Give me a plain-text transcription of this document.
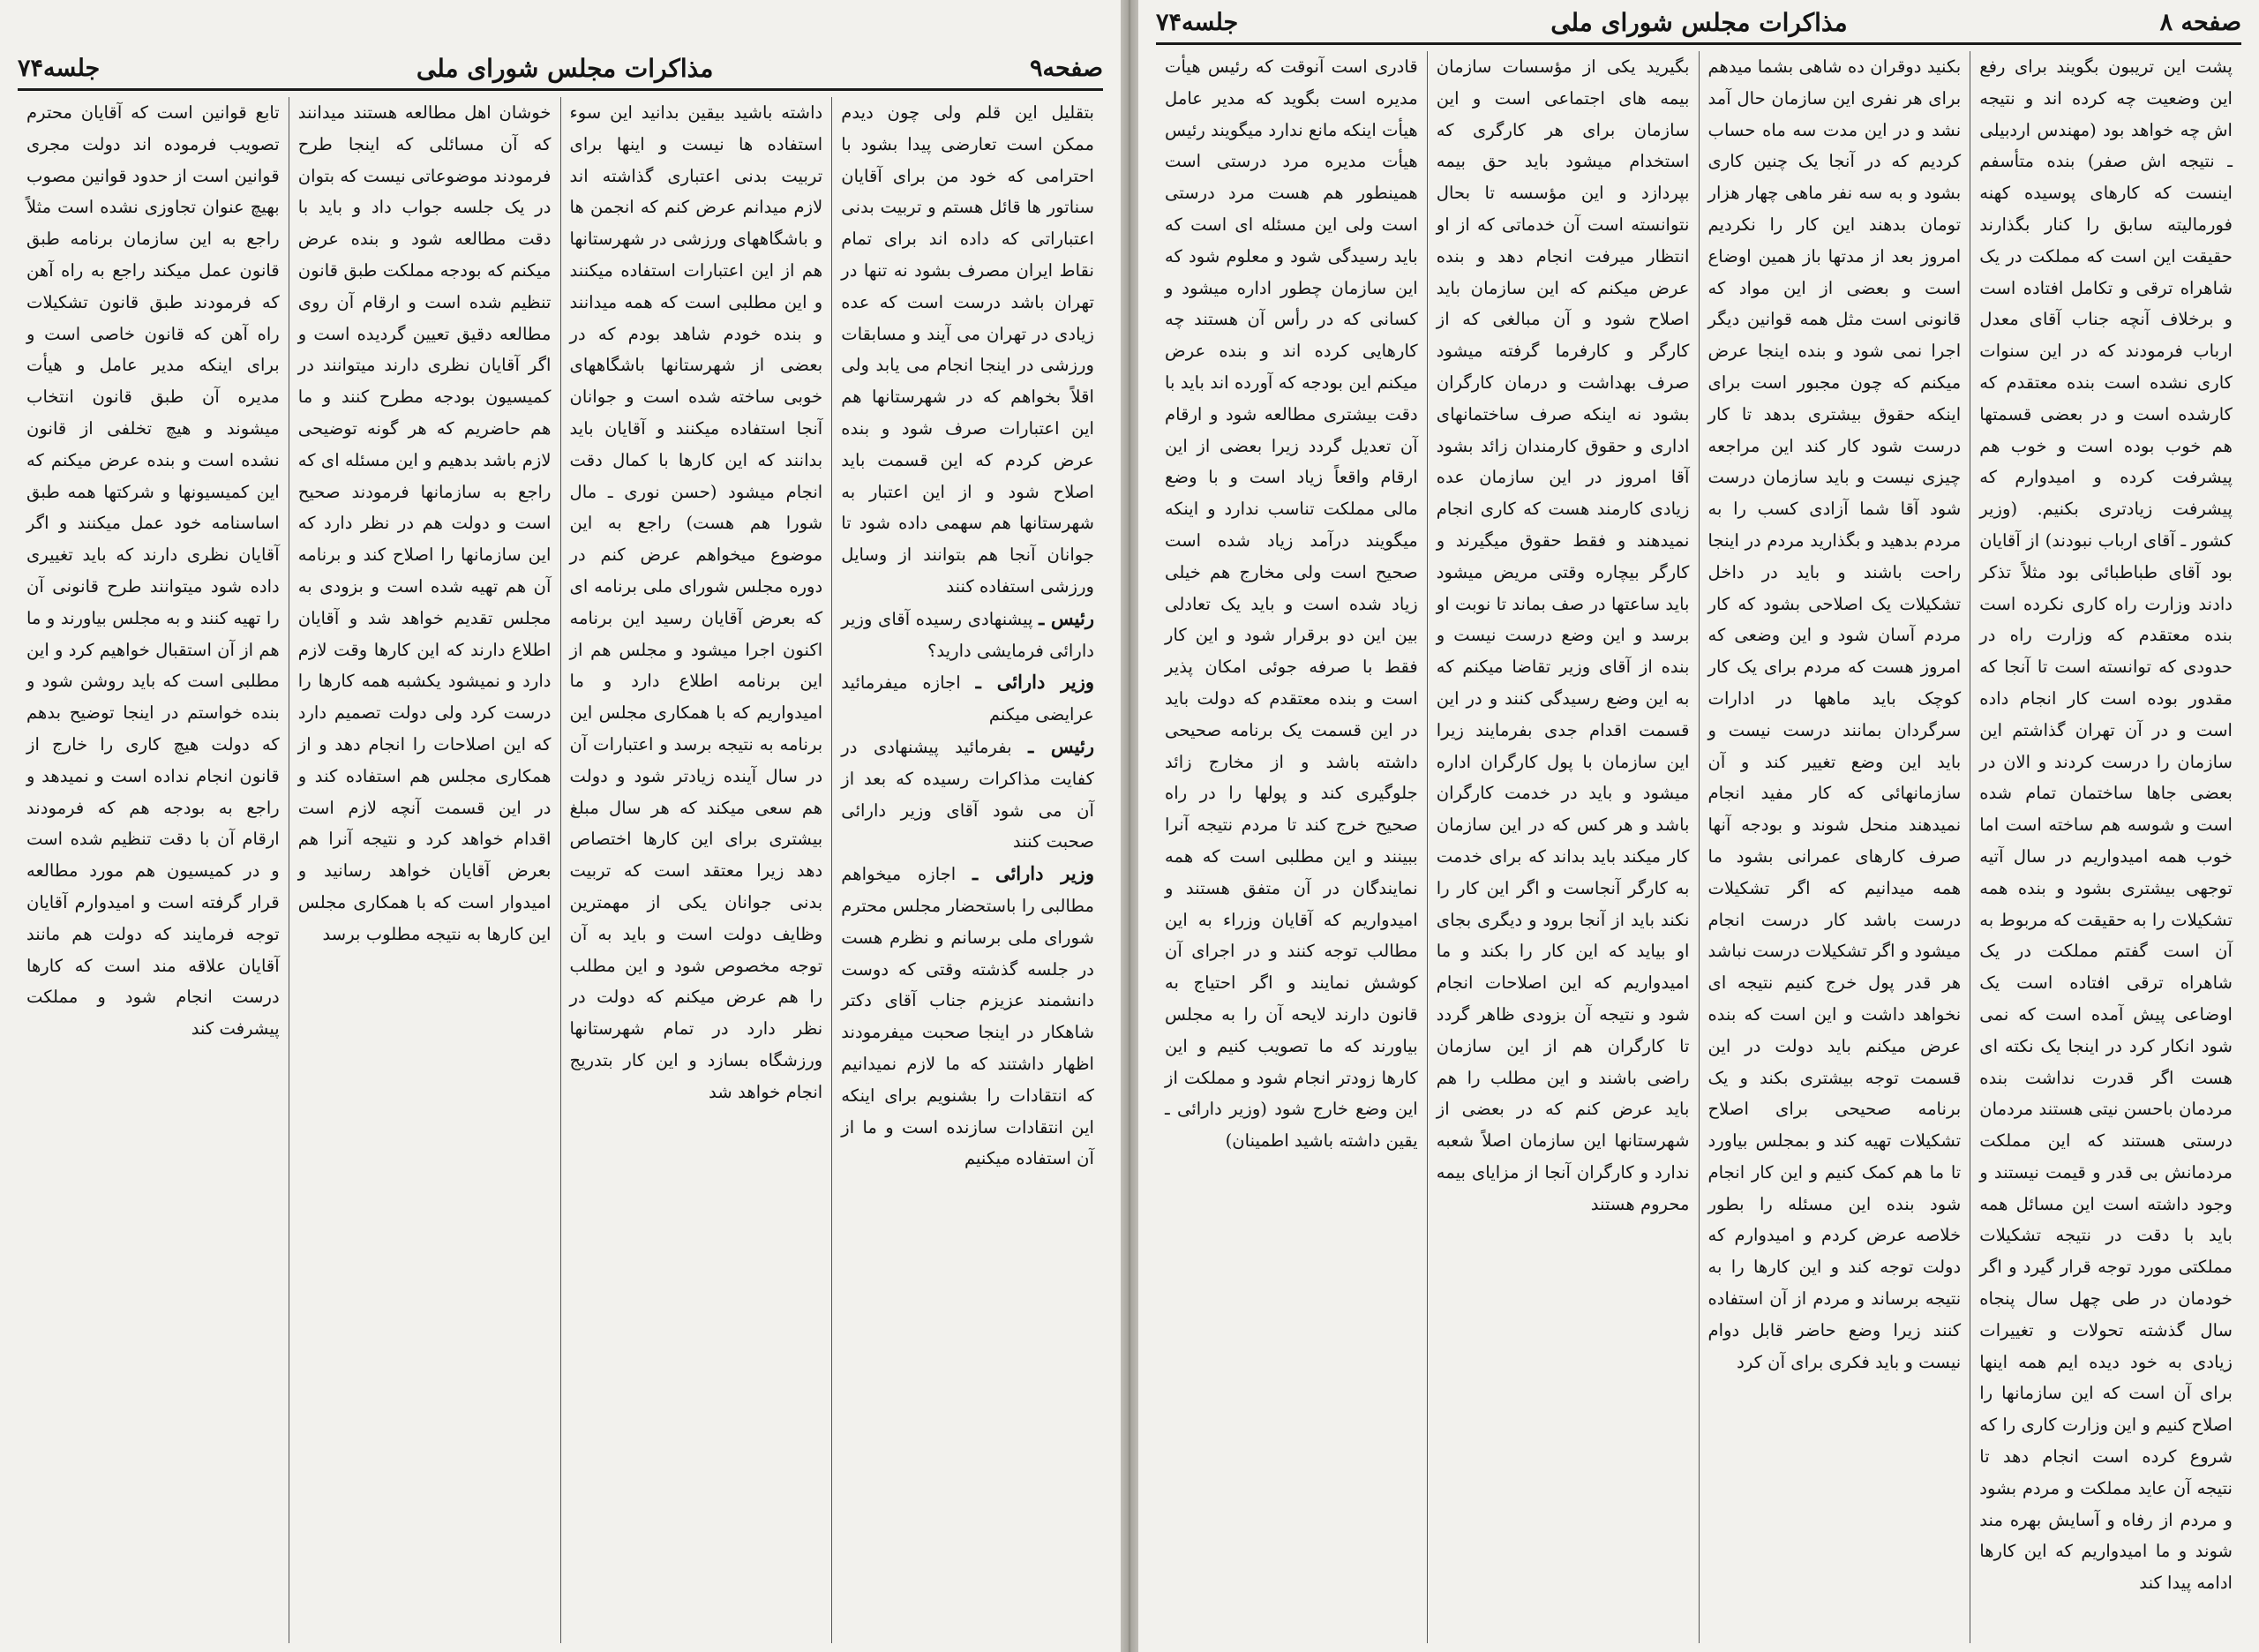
صفحه ۸
مذاکرات مجلس شورای ملی
جلسه۷۴

پشت این تریبون بگویند برای رفع این وضعیت چه کرده اند و نتیجه اش چه خواهد بود (مهندس اردبیلی ـ نتیجه اش صفر) بنده متأسفم اینست که کارهای پوسیده کهنه فورمالیته سابق را کنار بگذارند حقیقت این است که مملکت در یک شاهراه ترقی و تکامل افتاده است و برخلاف آنچه جناب آقای معدل ارباب فرمودند که در این سنوات کاری نشده است بنده معتقدم که کارشده است و در بعضی قسمتها هم خوب بوده است و خوب هم پیشرفت کرده و امیدوارم که پیشرفت زیادتری بکنیم. (وزیر کشور ـ آقای ارباب نبودند) از آقایان بود آقای طباطبائی بود مثلاً تذکر دادند وزارت راه کاری نکرده است بنده معتقدم که وزارت راه در حدودی که توانسته است تا آنجا که مقدور بوده است کار انجام داده است و در آن تهران گذاشتم این سازمان را درست کردند و الان در بعضی جاها ساختمان تمام شده است و شوسه هم ساخته است اما خوب همه امیدواریم در سال آتیه توجهی بیشتری بشود و بنده همه تشکیلات را به حقیقت که مربوط به آن است گفتم مملکت در یک شاهراه ترقی افتاده است یک اوضاعی پیش آمده است که نمی شود انکار کرد در اینجا یک نکته ای هست اگر قدرت نداشت بنده مردمان باحسن نیتی هستند مردمان درستی هستند که این مملکت مردمانش بی قدر و قیمت نیستند و وجود داشته است این مسائل همه باید با دقت در نتیجه تشکیلات مملکتی مورد توجه قرار گیرد و اگر خودمان در طی چهل سال پنجاه سال گذشته تحولات و تغییرات زیادی به خود دیده ایم همه اینها برای آن است که این سازمانها را اصلاح کنیم و این وزارت کاری را که شروع کرده است انجام دهد تا نتیجه آن عاید مملکت و مردم بشود و مردم از رفاه و آسایش بهره مند شوند و ما امیدواریم که این کارها ادامه پیدا کند

بکنید دوقران ده شاهی بشما میدهم برای هر نفری این سازمان حال آمد نشد و در این مدت سه ماه حساب کردیم که در آنجا یک چنین کاری بشود و به سه نفر ماهی چهار هزار تومان بدهند این کار را نکردیم امروز بعد از مدتها باز همین اوضاع است و بعضی از این مواد که قانونی است مثل همه قوانین دیگر اجرا نمی شود و بنده اینجا عرض میکنم که چون مجبور است برای اینکه حقوق بیشتری بدهد تا کار درست شود کار کند این مراجعه چیزی نیست و باید سازمان درست شود آقا شما آزادی کسب را به مردم بدهید و بگذارید مردم در اینجا راحت باشند و باید در داخل تشکیلات یک اصلاحی بشود که کار مردم آسان شود و این وضعی که امروز هست که مردم برای یک کار کوچک باید ماهها در ادارات سرگردان بمانند درست نیست و باید این وضع تغییر کند و آن سازمانهائی که کار مفید انجام نمیدهند منحل شوند و بودجه آنها صرف کارهای عمرانی بشود ما همه میدانیم که اگر تشکیلات درست باشد کار درست انجام میشود و اگر تشکیلات درست نباشد هر قدر پول خرج کنیم نتیجه ای نخواهد داشت و این است که بنده عرض میکنم باید دولت در این قسمت توجه بیشتری بکند و یک برنامه صحیحی برای اصلاح تشکیلات تهیه کند و بمجلس بیاورد تا ما هم کمک کنیم و این کار انجام شود بنده این مسئله را بطور خلاصه عرض کردم و امیدوارم که دولت توجه کند و این کارها را به نتیجه برساند و مردم از آن استفاده کنند زیرا وضع حاضر قابل دوام نیست و باید فکری برای آن کرد

بگیرید یکی از مؤسسات سازمان بیمه های اجتماعی است و این سازمان برای هر کارگری که استخدام میشود باید حق بیمه بپردازد و این مؤسسه تا بحال نتوانسته است آن خدماتی که از او انتظار میرفت انجام دهد و بنده عرض میکنم که این سازمان باید اصلاح شود و آن مبالغی که از کارگر و کارفرما گرفته میشود صرف بهداشت و درمان کارگران بشود نه اینکه صرف ساختمانهای اداری و حقوق کارمندان زائد بشود آقا امروز در این سازمان عده زیادی کارمند هست که کاری انجام نمیدهند و فقط حقوق میگیرند و کارگر بیچاره وقتی مریض میشود باید ساعتها در صف بماند تا نوبت او برسد و این وضع درست نیست و بنده از آقای وزیر تقاضا میکنم که به این وضع رسیدگی کنند و در این قسمت اقدام جدی بفرمایند زیرا این سازمان با پول کارگران اداره میشود و باید در خدمت کارگران باشد و هر کس که در این سازمان کار میکند باید بداند که برای خدمت به کارگر آنجاست و اگر این کار را نکند باید از آنجا برود و دیگری بجای او بیاید که این کار را بکند و ما امیدواریم که این اصلاحات انجام شود و نتیجه آن بزودی ظاهر گردد تا کارگران هم از این سازمان راضی باشند و این مطلب را هم باید عرض کنم که در بعضی از شهرستانها این سازمان اصلاً شعبه ندارد و کارگران آنجا از مزایای بیمه محروم هستند

قادری است آنوقت که رئیس هیأت مدیره است بگوید که مدیر عامل هیأت اینکه مانع ندارد میگویند رئیس هیأت مدیره مرد درستی است همینطور هم هست مرد درستی است ولی این مسئله ای است که باید رسیدگی شود و معلوم شود که این سازمان چطور اداره میشود و کسانی که در رأس آن هستند چه کارهایی کرده اند و بنده عرض میکنم این بودجه که آورده اند باید با دقت بیشتری مطالعه شود و ارقام آن تعدیل گردد زیرا بعضی از این ارقام واقعاً زیاد است و با وضع مالی مملکت تناسب ندارد و اینکه میگویند درآمد زیاد شده است صحیح است ولی مخارج هم خیلی زیاد شده است و باید یک تعادلی بین این دو برقرار شود و این کار فقط با صرفه جوئی امکان پذیر است و بنده معتقدم که دولت باید در این قسمت یک برنامه صحیحی داشته باشد و از مخارج زائد جلوگیری کند و پولها را در راه صحیح خرج کند تا مردم نتیجه آنرا ببینند و این مطلبی است که همه نمایندگان در آن متفق هستند و امیدواریم که آقایان وزراء به این مطالب توجه کنند و در اجرای آن کوشش نمایند و اگر احتیاج به قانون دارند لایحه آن را به مجلس بیاورند که ما تصویب کنیم و این کارها زودتر انجام شود و مملکت از این وضع خارج شود (وزیر دارائی ـ یقین داشته باشید اطمینان)

صفحه۹
مذاکرات مجلس شورای ملی
جلسه۷۴

بتقلیل این قلم ولی چون دیدم ممکن است تعارضی پیدا بشود با احترامی که خود من برای آقایان سناتور ها قائل هستم و تربیت بدنی اعتباراتی که داده اند برای تمام نقاط ایران مصرف بشود نه تنها در تهران باشد درست است که عده زیادی در تهران می آیند و مسابقات ورزشی در اینجا انجام می یابد ولی اقلاً بخواهم که در شهرستانها هم این اعتبارات صرف شود و بنده عرض کردم که این قسمت باید اصلاح شود و از این اعتبار به شهرستانها هم سهمی داده شود تا جوانان آنجا هم بتوانند از وسایل ورزشی استفاده کنند

رئیس ـ پیشنهادی رسیده آقای وزیر دارائی فرمایشی دارید؟

وزیر دارائی ـ اجازه میفرمائید عرایضی میکنم

رئیس ـ بفرمائید پیشنهادی در کفایت مذاکرات رسیده که بعد از آن می شود آقای وزیر دارائی صحبت کنند

وزیر دارائی ـ اجازه میخواهم مطالبی را باستحضار مجلس محترم شورای ملی برسانم و نظرم هست در جلسه گذشته وقتی که دوست دانشمند عزیزم جناب آقای دکتر شاهکار در اینجا صحبت میفرمودند اظهار داشتند که ما لازم نمیدانیم که انتقادات را بشنویم برای اینکه این انتقادات سازنده است و ما از آن استفاده میکنیم

داشته باشید بیقین بدانید این سوء استفاده ها نیست و اینها برای تربیت بدنی اعتباری گذاشته اند لازم میدانم عرض کنم که انجمن ها و باشگاههای ورزشی در شهرستانها هم از این اعتبارات استفاده میکنند و این مطلبی است که همه میدانند و بنده خودم شاهد بودم که در بعضی از شهرستانها باشگاههای خوبی ساخته شده است و جوانان آنجا استفاده میکنند و آقایان باید بدانند که این کارها با کمال دقت انجام میشود (حسن نوری ـ مال شورا هم هست) راجع به این موضوع میخواهم عرض کنم در دوره مجلس شورای ملی برنامه ای که بعرض آقایان رسید این برنامه اکنون اجرا میشود و مجلس هم از این برنامه اطلاع دارد و ما امیدواریم که با همکاری مجلس این برنامه به نتیجه برسد و اعتبارات آن در سال آینده زیادتر شود و دولت هم سعی میکند که هر سال مبلغ بیشتری برای این کارها اختصاص دهد زیرا معتقد است که تربیت بدنی جوانان یکی از مهمترین وظایف دولت است و باید به آن توجه مخصوص شود و این مطلب را هم عرض میکنم که دولت در نظر دارد در تمام شهرستانها ورزشگاه بسازد و این کار بتدریج انجام خواهد شد

خوشان اهل مطالعه هستند میدانند که آن مسائلی که اینجا طرح فرمودند موضوعاتی نیست که بتوان در یک جلسه جواب داد و باید با دقت مطالعه شود و بنده عرض میکنم که بودجه مملکت طبق قانون تنظیم شده است و ارقام آن روی مطالعه دقیق تعیین گردیده است و اگر آقایان نظری دارند میتوانند در کمیسیون بودجه مطرح کنند و ما هم حاضریم که هر گونه توضیحی لازم باشد بدهیم و این مسئله ای که راجع به سازمانها فرمودند صحیح است و دولت هم در نظر دارد که این سازمانها را اصلاح کند و برنامه آن هم تهیه شده است و بزودی به مجلس تقدیم خواهد شد و آقایان اطلاع دارند که این کارها وقت لازم دارد و نمیشود یکشبه همه کارها را درست کرد ولی دولت تصمیم دارد که این اصلاحات را انجام دهد و از همکاری مجلس هم استفاده کند و در این قسمت آنچه لازم است اقدام خواهد کرد و نتیجه آنرا هم بعرض آقایان خواهد رسانید و امیدوار است که با همکاری مجلس این کارها به نتیجه مطلوب برسد

تابع قوانین است که آقایان محترم تصویب فرموده اند دولت مجری قوانین است از حدود قوانین مصوب بهیچ عنوان تجاوزی نشده است مثلاً راجع به این سازمان برنامه طبق قانون عمل میکند راجع به راه آهن که فرمودند طبق قانون تشکیلات راه آهن که قانون خاصی است و برای اینکه مدیر عامل و هیأت مدیره آن طبق قانون انتخاب میشوند و هیچ تخلفی از قانون نشده است و بنده عرض میکنم که این کمیسیونها و شرکتها همه طبق اساسنامه خود عمل میکنند و اگر آقایان نظری دارند که باید تغییری داده شود میتوانند طرح قانونی آن را تهیه کنند و به مجلس بیاورند و ما هم از آن استقبال خواهیم کرد و این مطلبی است که باید روشن شود و بنده خواستم در اینجا توضیح بدهم که دولت هیچ کاری را خارج از قانون انجام نداده است و نمیدهد و راجع به بودجه هم که فرمودند ارقام آن با دقت تنظیم شده است و در کمیسیون هم مورد مطالعه قرار گرفته است و امیدوارم آقایان توجه فرمایند که دولت هم مانند آقایان علاقه مند است که کارها درست انجام شود و مملکت پیشرفت کند
